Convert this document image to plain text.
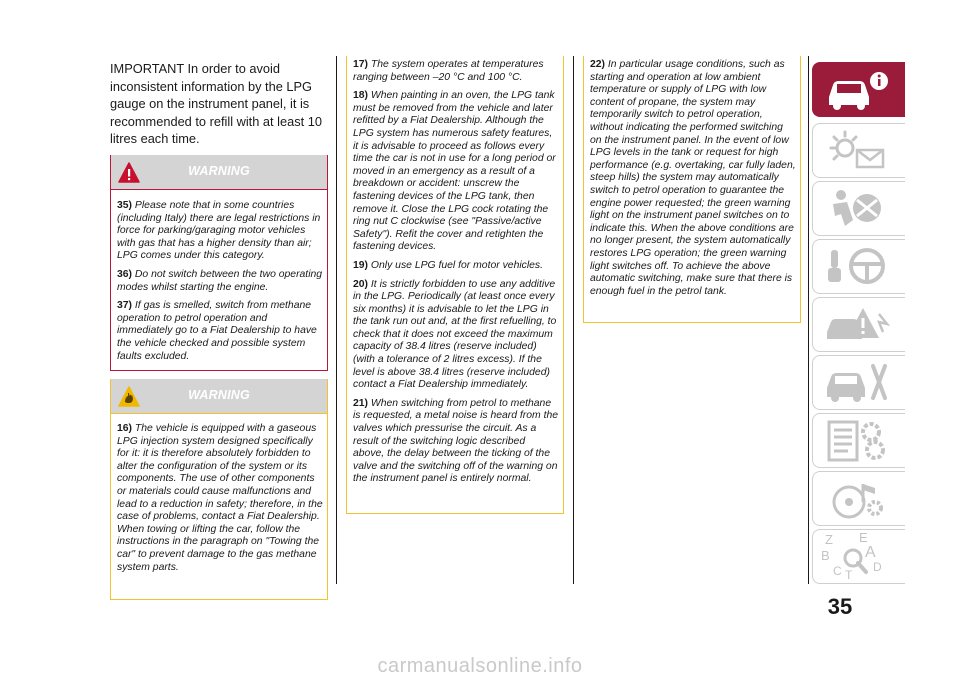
IMPORTANT In order to avoid inconsistent information by the LPG gauge on the instrument panel, it is recommended to refill with at least 10 litres each time.
WARNING

35) Please note that in some countries (including Italy) there are legal restrictions in force for parking/garaging motor vehicles with gas that has a higher density than air; LPG comes under this category.

36) Do not switch between the two operating modes whilst starting the engine.

37) If gas is smelled, switch from methane operation to petrol operation and immediately go to a Fiat Dealership to have the vehicle checked and possible system faults excluded.

WARNING

16) The vehicle is equipped with a gaseous LPG injection system designed specifically for it: it is therefore absolutely forbidden to alter the configuration of the system or its components. The use of other components or materials could cause malfunctions and lead to a reduction in safety; therefore, in the case of problems, contact a Fiat Dealership. When towing or lifting the car, follow the instructions in the paragraph on "Towing the car" to prevent damage to the gas methane system parts.

17) The system operates at temperatures ranging between –20 °C and 100 °C.

18) When painting in an oven, the LPG tank must be removed from the vehicle and later refitted by a Fiat Dealership. Although the LPG system has numerous safety features, it is advisable to proceed as follows every time the car is not in use for a long period or moved in an emergency as a result of a breakdown or accident: unscrew the fastening devices of the LPG tank, then remove it. Close the LPG cock rotating the ring nut C clockwise (see "Passive/active Safety"). Refit the cover and retighten the fastening devices.

19) Only use LPG fuel for motor vehicles.

20) It is strictly forbidden to use any additive in the LPG. Periodically (at least once every six months) it is advisable to let the LPG in the tank run out and, at the first refuelling, to check that it does not exceed the maximum capacity of 38.4 litres (reserve included) (with a tolerance of 2 litres excess). If the level is above 38.4 litres (reserve included) contact a Fiat Dealership immediately.

21) When switching from petrol to methane is requested, a metal noise is heard from the valves which pressurise the circuit. As a result of the switching logic described above, the delay between the ticking of the valve and the switching off of the warning on the instrument panel is entirely normal.

22) In particular usage conditions, such as starting and operation at low ambient temperature or supply of LPG with low content of propane, the system may temporarily switch to petrol operation, without indicating the performed switching on the instrument panel. In the event of low LPG levels in the tank or request for high performance (e.g. overtaking, car fully laden, steep hills) the system may automatically switch to petrol operation to guarantee the engine power requested; the green warning light on the instrument panel switches on to indicate this. When the above conditions are no longer present, the system automatically restores LPG operation; the green warning light switches off. To achieve the above automatic switching, make sure that there is enough fuel in the petrol tank.

Z E
B A
C	D
T
35
carmanualsonline.info
